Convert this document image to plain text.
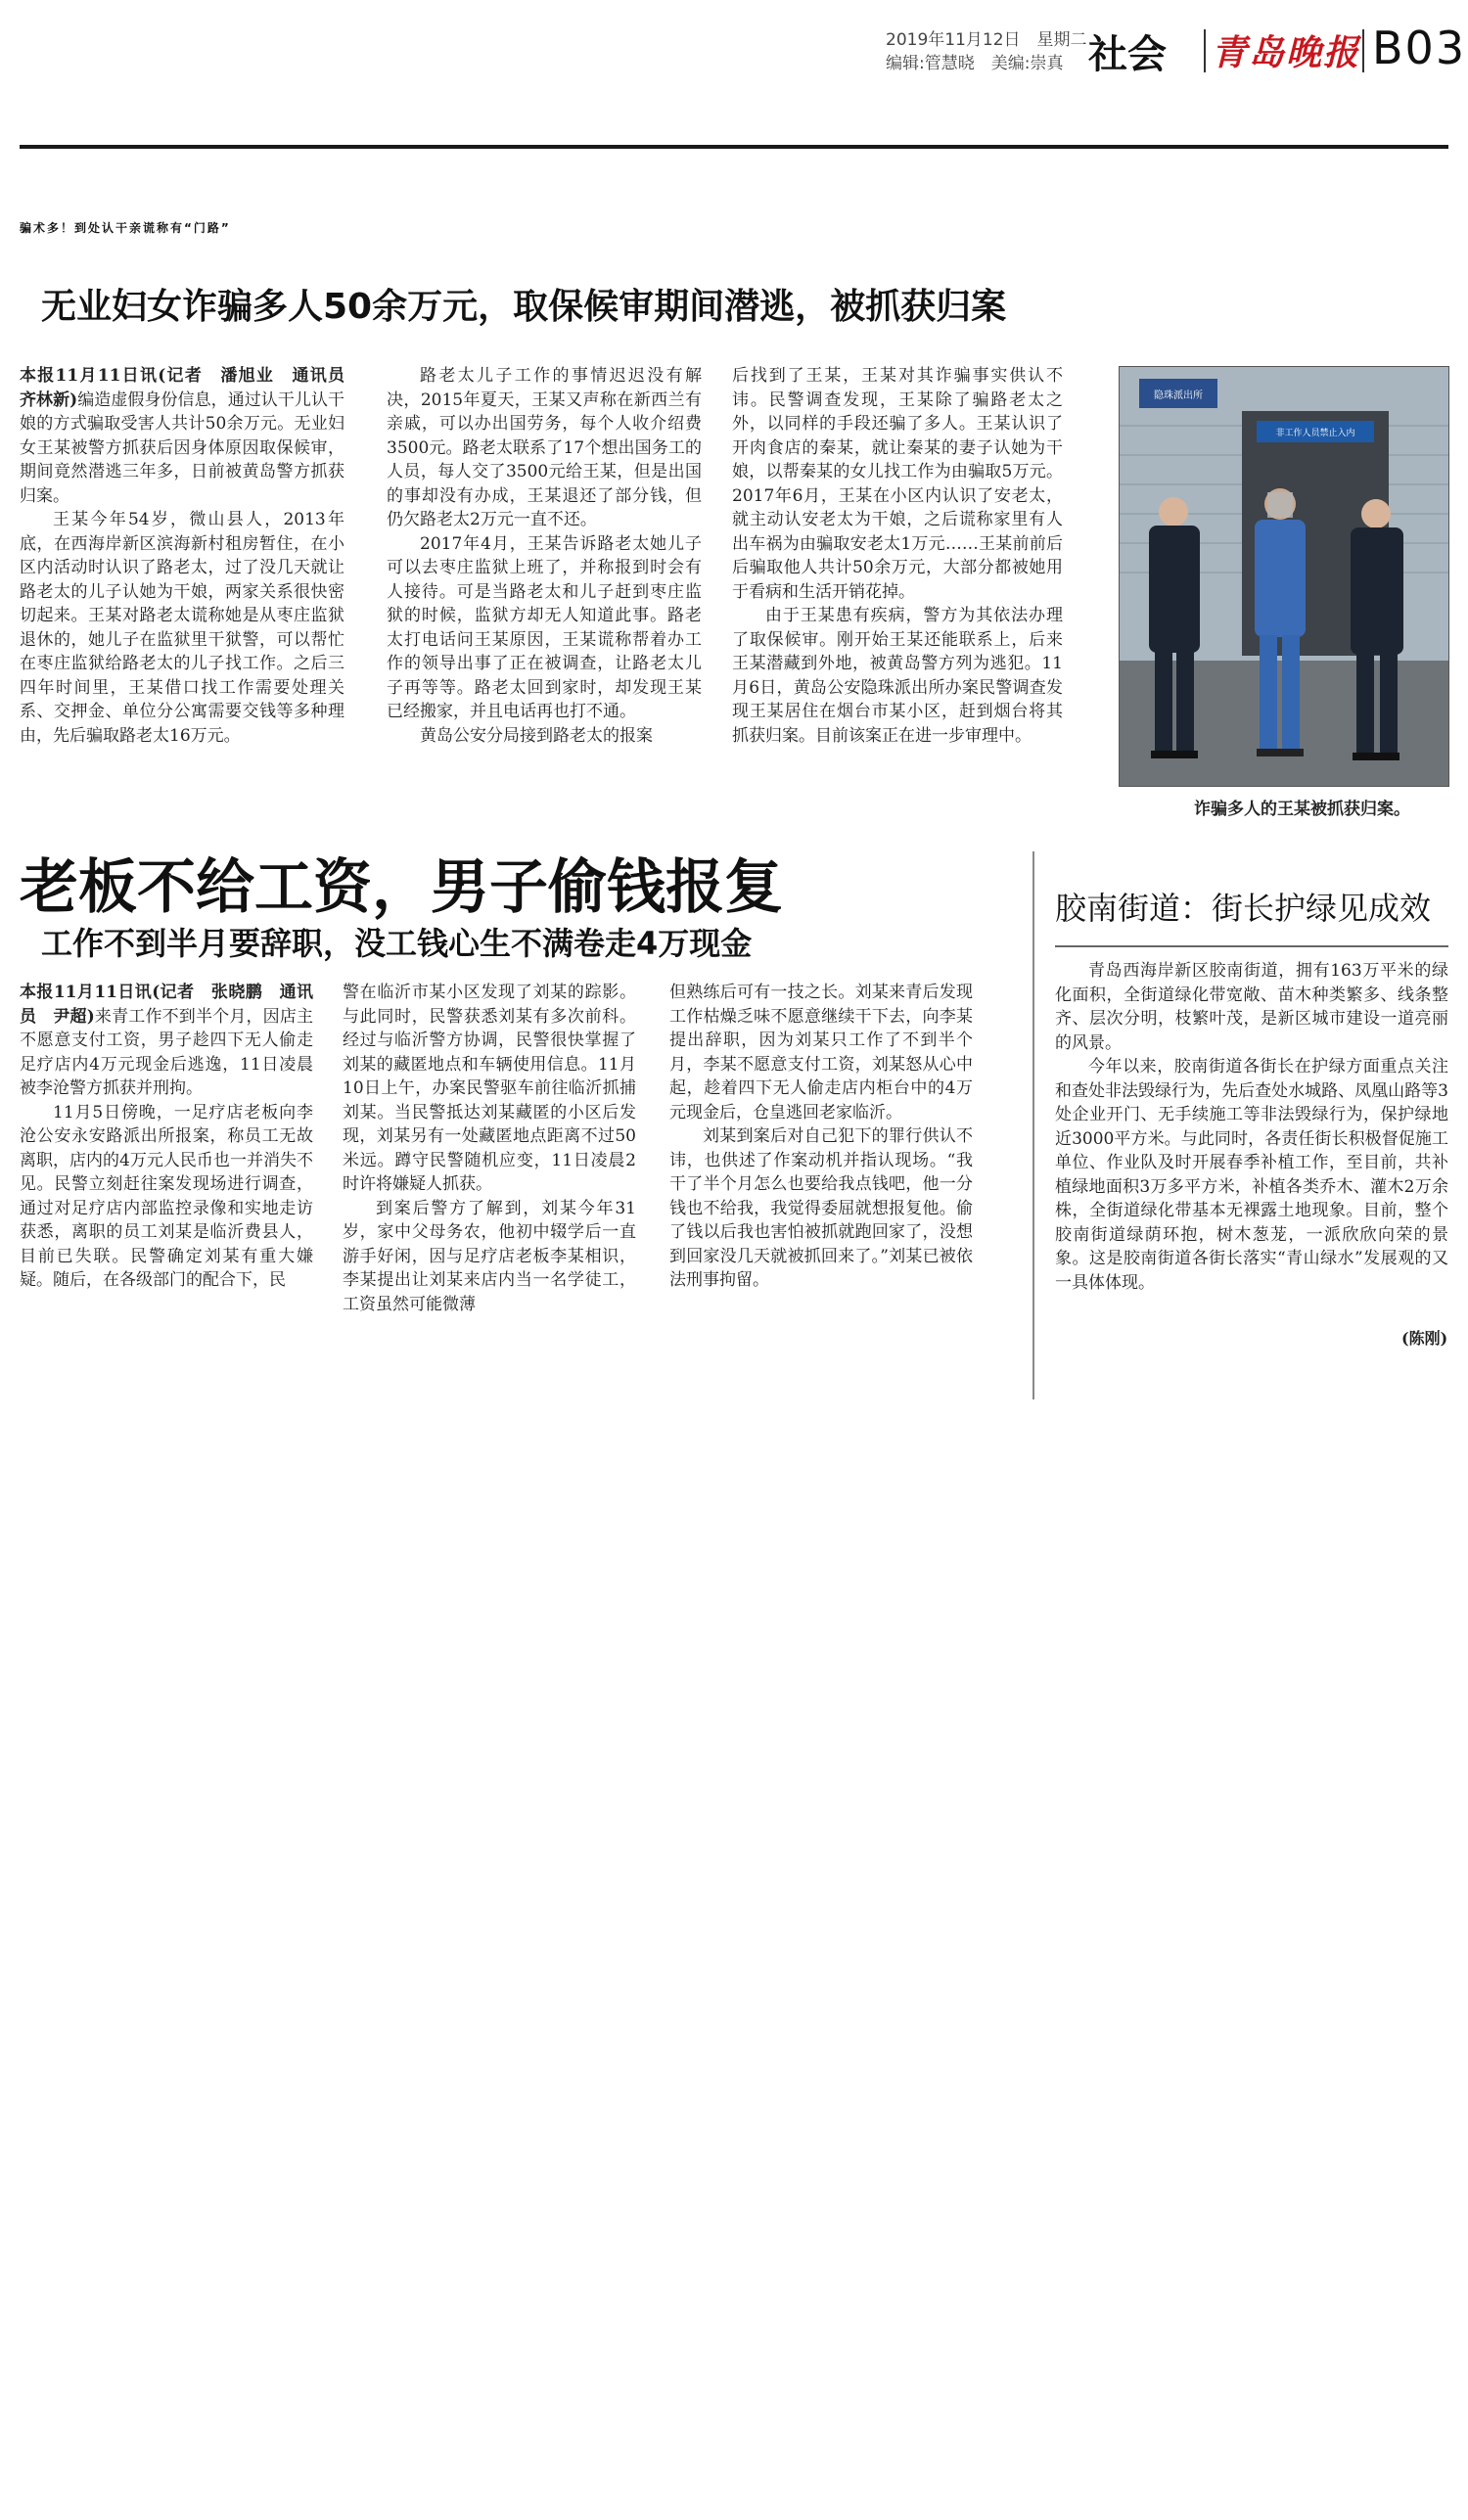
2019年11月12日　 星期二
编辑:管慧晓　美编:崇真 社会 青岛晚报 B03
骗术多！到处认干亲谎称有“门路”
无业妇女诈骗多人50余万元，取保候审期间潜逃，被抓获归案

本报11月11日讯(记者　潘旭业　通讯员　齐林新)编造虚假身份信息，通过认干儿认干娘的方式骗取受害人共计50余万元。无业妇女王某被警方抓获后因身体原因取保候审，期间竟然潜逃三年多，日前被黄岛警方抓获归案。

王某今年54岁，微山县人，2013年底，在西海岸新区滨海新村租房暂住，在小区内活动时认识了路老太，过了没几天就让路老太的儿子认她为干娘，两家关系很快密切起来。王某对路老太谎称她是从枣庄监狱退休的，她儿子在监狱里干狱警，可以帮忙在枣庄监狱给路老太的儿子找工作。之后三四年时间里，王某借口找工作需要处理关系、交押金、单位分公寓需要交钱等多种理由，先后骗取路老太16万元。

路老太儿子工作的事情迟迟没有解决，2015年夏天，王某又声称在新西兰有亲戚，可以办出国劳务，每个人收介绍费3500元。路老太联系了17个想出国务工的人员，每人交了3500元给王某，但是出国的事却没有办成，王某退还了部分钱，但仍欠路老太2万元一直不还。

2017年4月，王某告诉路老太她儿子可以去枣庄监狱上班了，并称报到时会有人接待。可是当路老太和儿子赶到枣庄监狱的时候，监狱方却无人知道此事。路老太打电话问王某原因，王某谎称帮着办工作的领导出事了正在被调查，让路老太儿子再等等。路老太回到家时，却发现王某已经搬家，并且电话再也打不通。

黄岛公安分局接到路老太的报案

后找到了王某，王某对其诈骗事实供认不讳。民警调查发现，王某除了骗路老太之外，以同样的手段还骗了多人。王某认识了开肉食店的秦某，就让秦某的妻子认她为干娘，以帮秦某的女儿找工作为由骗取5万元。2017年6月，王某在小区内认识了安老太，就主动认安老太为干娘，之后谎称家里有人出车祸为由骗取安老太1万元……王某前前后后骗取他人共计50余万元，大部分都被她用于看病和生活开销花掉。

由于王某患有疾病，警方为其依法办理了取保候审。刚开始王某还能联系上，后来王某潜藏到外地，被黄岛警方列为逃犯。11月6日，黄岛公安隐珠派出所办案民警调查发现王某居住在烟台市某小区，赶到烟台将其抓获归案。目前该案正在进一步审理中。

隐珠派出所
非工作人员禁止入内
诈骗多人的王某被抓获归案。
老板不给工资，男子偷钱报复
工作不到半月要辞职，没工钱心生不满卷走4万现金

本报11月11日讯(记者　张晓鹏　通讯员　尹超)来青工作不到半个月，因店主不愿意支付工资，男子趁四下无人偷走足疗店内4万元现金后逃逸，11日凌晨被李沧警方抓获并刑拘。

11月5日傍晚，一足疗店老板向李沧公安永安路派出所报案，称员工无故离职，店内的4万元人民币也一并消失不见。民警立刻赶往案发现场进行调查，通过对足疗店内部监控录像和实地走访获悉，离职的员工刘某是临沂费县人，目前已失联。民警确定刘某有重大嫌疑。随后，在各级部门的配合下，民

警在临沂市某小区发现了刘某的踪影。与此同时，民警获悉刘某有多次前科。经过与临沂警方协调，民警很快掌握了刘某的藏匿地点和车辆使用信息。11月10日上午，办案民警驱车前往临沂抓捕刘某。当民警抵达刘某藏匿的小区后发现，刘某另有一处藏匿地点距离不过50米远。蹲守民警随机应变，11日凌晨2时许将嫌疑人抓获。

到案后警方了解到，刘某今年31岁，家中父母务农，他初中辍学后一直游手好闲，因与足疗店老板李某相识，李某提出让刘某来店内当一名学徒工，工资虽然可能微薄

但熟练后可有一技之长。刘某来青后发现工作枯燥乏味不愿意继续干下去，向李某提出辞职，因为刘某只工作了不到半个月，李某不愿意支付工资，刘某怒从心中起，趁着四下无人偷走店内柜台中的4万元现金后，仓皇逃回老家临沂。

刘某到案后对自己犯下的罪行供认不讳，也供述了作案动机并指认现场。“我干了半个月怎么也要给我点钱吧，他一分钱也不给我，我觉得委屈就想报复他。偷了钱以后我也害怕被抓就跑回家了，没想到回家没几天就被抓回来了。”刘某已被依法刑事拘留。

胶南街道：街长护绿见成效

青岛西海岸新区胶南街道，拥有163万平米的绿化面积，全街道绿化带宽敞、苗木种类繁多、线条整齐、层次分明，枝繁叶茂，是新区城市建设一道亮丽的风景。

今年以来，胶南街道各街长在护绿方面重点关注和查处非法毁绿行为，先后查处水城路、凤凰山路等3处企业开门、无手续施工等非法毁绿行为，保护绿地近3000平方米。与此同时，各责任街长积极督促施工单位、作业队及时开展春季补植工作，至目前，共补植绿地面积3万多平方米，补植各类乔木、灌木2万余株，全街道绿化带基本无裸露土地现象。目前，整个胶南街道绿荫环抱，树木葱茏，一派欣欣向荣的景象。这是胶南街道各街长落实“青山绿水”发展观的又一具体体现。

(陈刚)
